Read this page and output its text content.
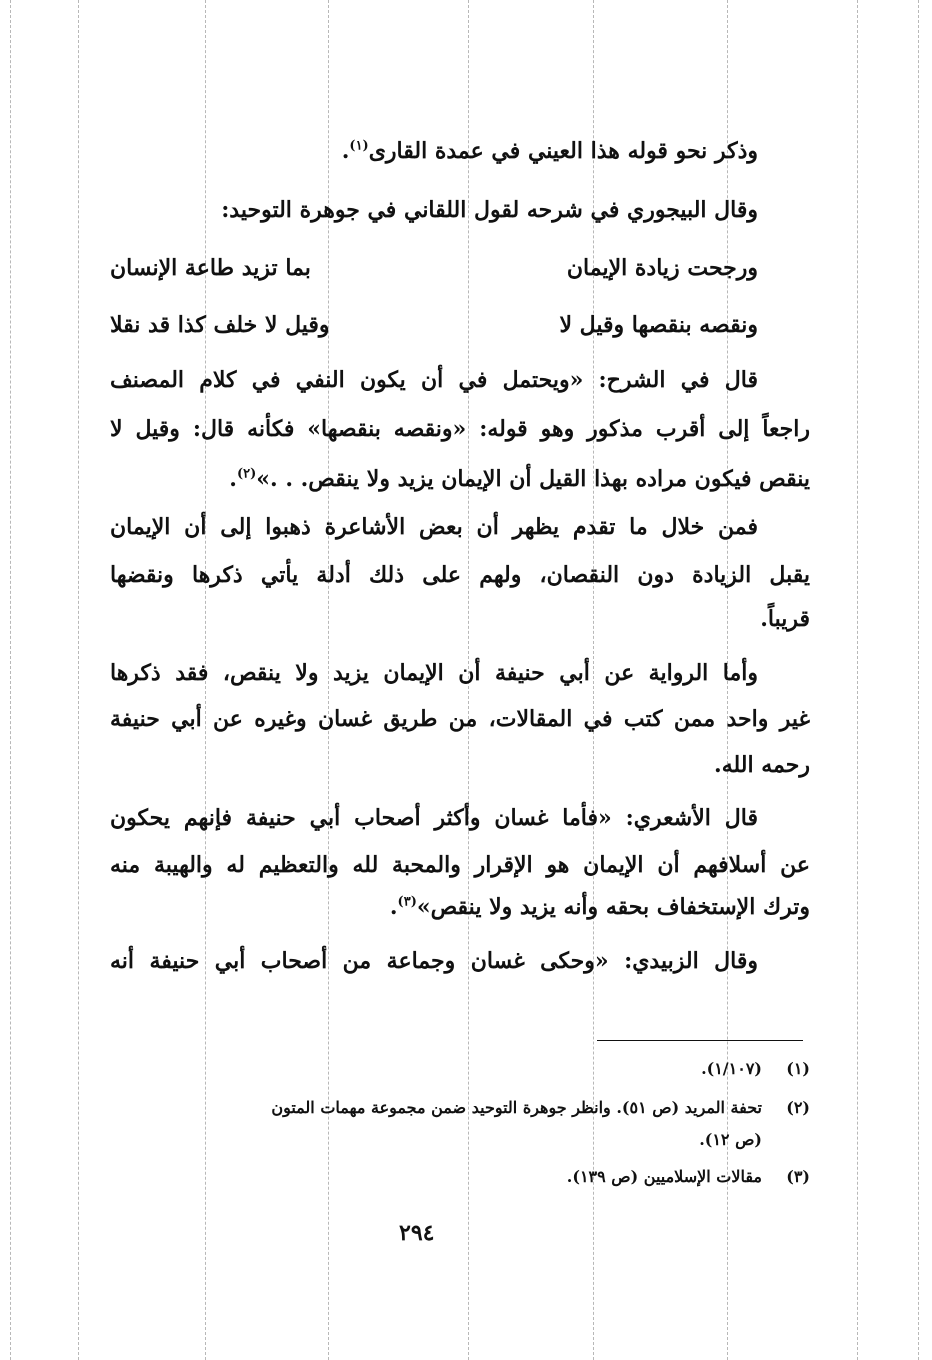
وذكر نحو قوله هذا العيني في عمدة القارى$^{(١)}$.
وقال البيجوري في شرحه لقول اللقاني في جوهرة التوحيد:
ورجحت زيادة الإيمان
بما تزيد طاعة الإنسان
ونقصه بنقصها وقيل لا
وقيل لا خلف كذا قد نقلا
قال في الشرح: «ويحتمل في أن يكون النفي في كلام المصنف
راجعاً إلى أقرب مذكور وهو قوله: «ونقصه بنقصها» فكأنه قال: وقيل لا
ينقص فيكون مراده بهذا القيل أن الإيمان يزيد ولا ينقص. . .»$^{(٢)}$.
فمن خلال ما تقدم يظهر أن بعض الأشاعرة ذهبوا إلى أن الإيمان
يقبل الزيادة دون النقصان، ولهم على ذلك أدلة يأتي ذكرها ونقضها
قريباً.
وأما الرواية عن أبي حنيفة أن الإيمان يزيد ولا ينقص، فقد ذكرها
غير واحد ممن كتب في المقالات، من طريق غسان وغيره عن أبي حنيفة
رحمه الله.
قال الأشعري: «فأما غسان وأكثر أصحاب أبي حنيفة فإنهم يحكون
عن أسلافهم أن الإيمان هو الإقرار والمحبة لله والتعظيم له والهيبة منه
وترك الإستخفاف بحقه وأنه يزيد ولا ينقص»$^{(٣)}$.
وقال الزبيدي: «وحكى غسان وجماعة من أصحاب أبي حنيفة أنه
(١)(١/١٠٧).
(٢)تحفة المريد (ص ٥١). وانظر جوهرة التوحيد ضمن مجموعة مهمات المتون
(ص ١٢).
(٣)مقالات الإسلاميين (ص ١٣٩).
٢٩٤
